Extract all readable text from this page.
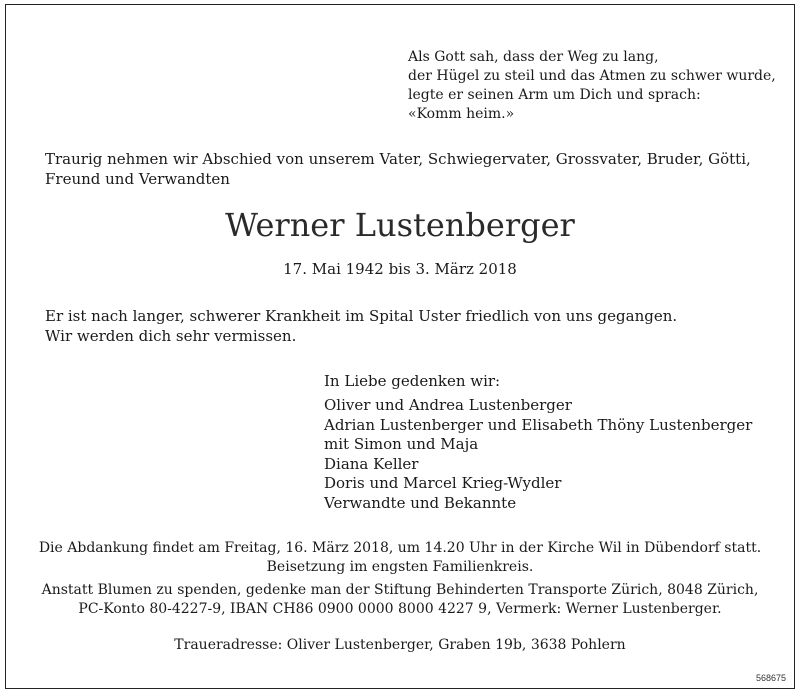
Als Gott sah, dass der Weg zu lang,
der Hügel zu steil und das Atmen zu schwer wurde,
legte er seinen Arm um Dich und sprach:
«Komm heim.»
Traurig nehmen wir Abschied von unserem Vater, Schwiegervater, Grossvater, Bruder, Götti, Freund und Verwandten
Werner Lustenberger
17. Mai 1942 bis 3. März 2018
Er ist nach langer, schwerer Krankheit im Spital Uster friedlich von uns gegangen.
Wir werden dich sehr vermissen.
In Liebe gedenken wir:
Oliver und Andrea Lustenberger
Adrian Lustenberger und Elisabeth Thöny Lustenberger
mit Simon und Maja
Diana Keller
Doris und Marcel Krieg-Wydler
Verwandte und Bekannte
Die Abdankung findet am Freitag, 16. März 2018, um 14.20 Uhr in der Kirche Wil in Dübendorf statt.
Beisetzung im engsten Familienkreis.
Anstatt Blumen zu spenden, gedenke man der Stiftung Behinderten Transporte Zürich, 8048 Zürich,
PC-Konto 80-4227-9, IBAN CH86 0900 0000 8000 4227 9, Vermerk: Werner Lustenberger.
Traueradresse: Oliver Lustenberger, Graben 19b, 3638 Pohlern
568675
